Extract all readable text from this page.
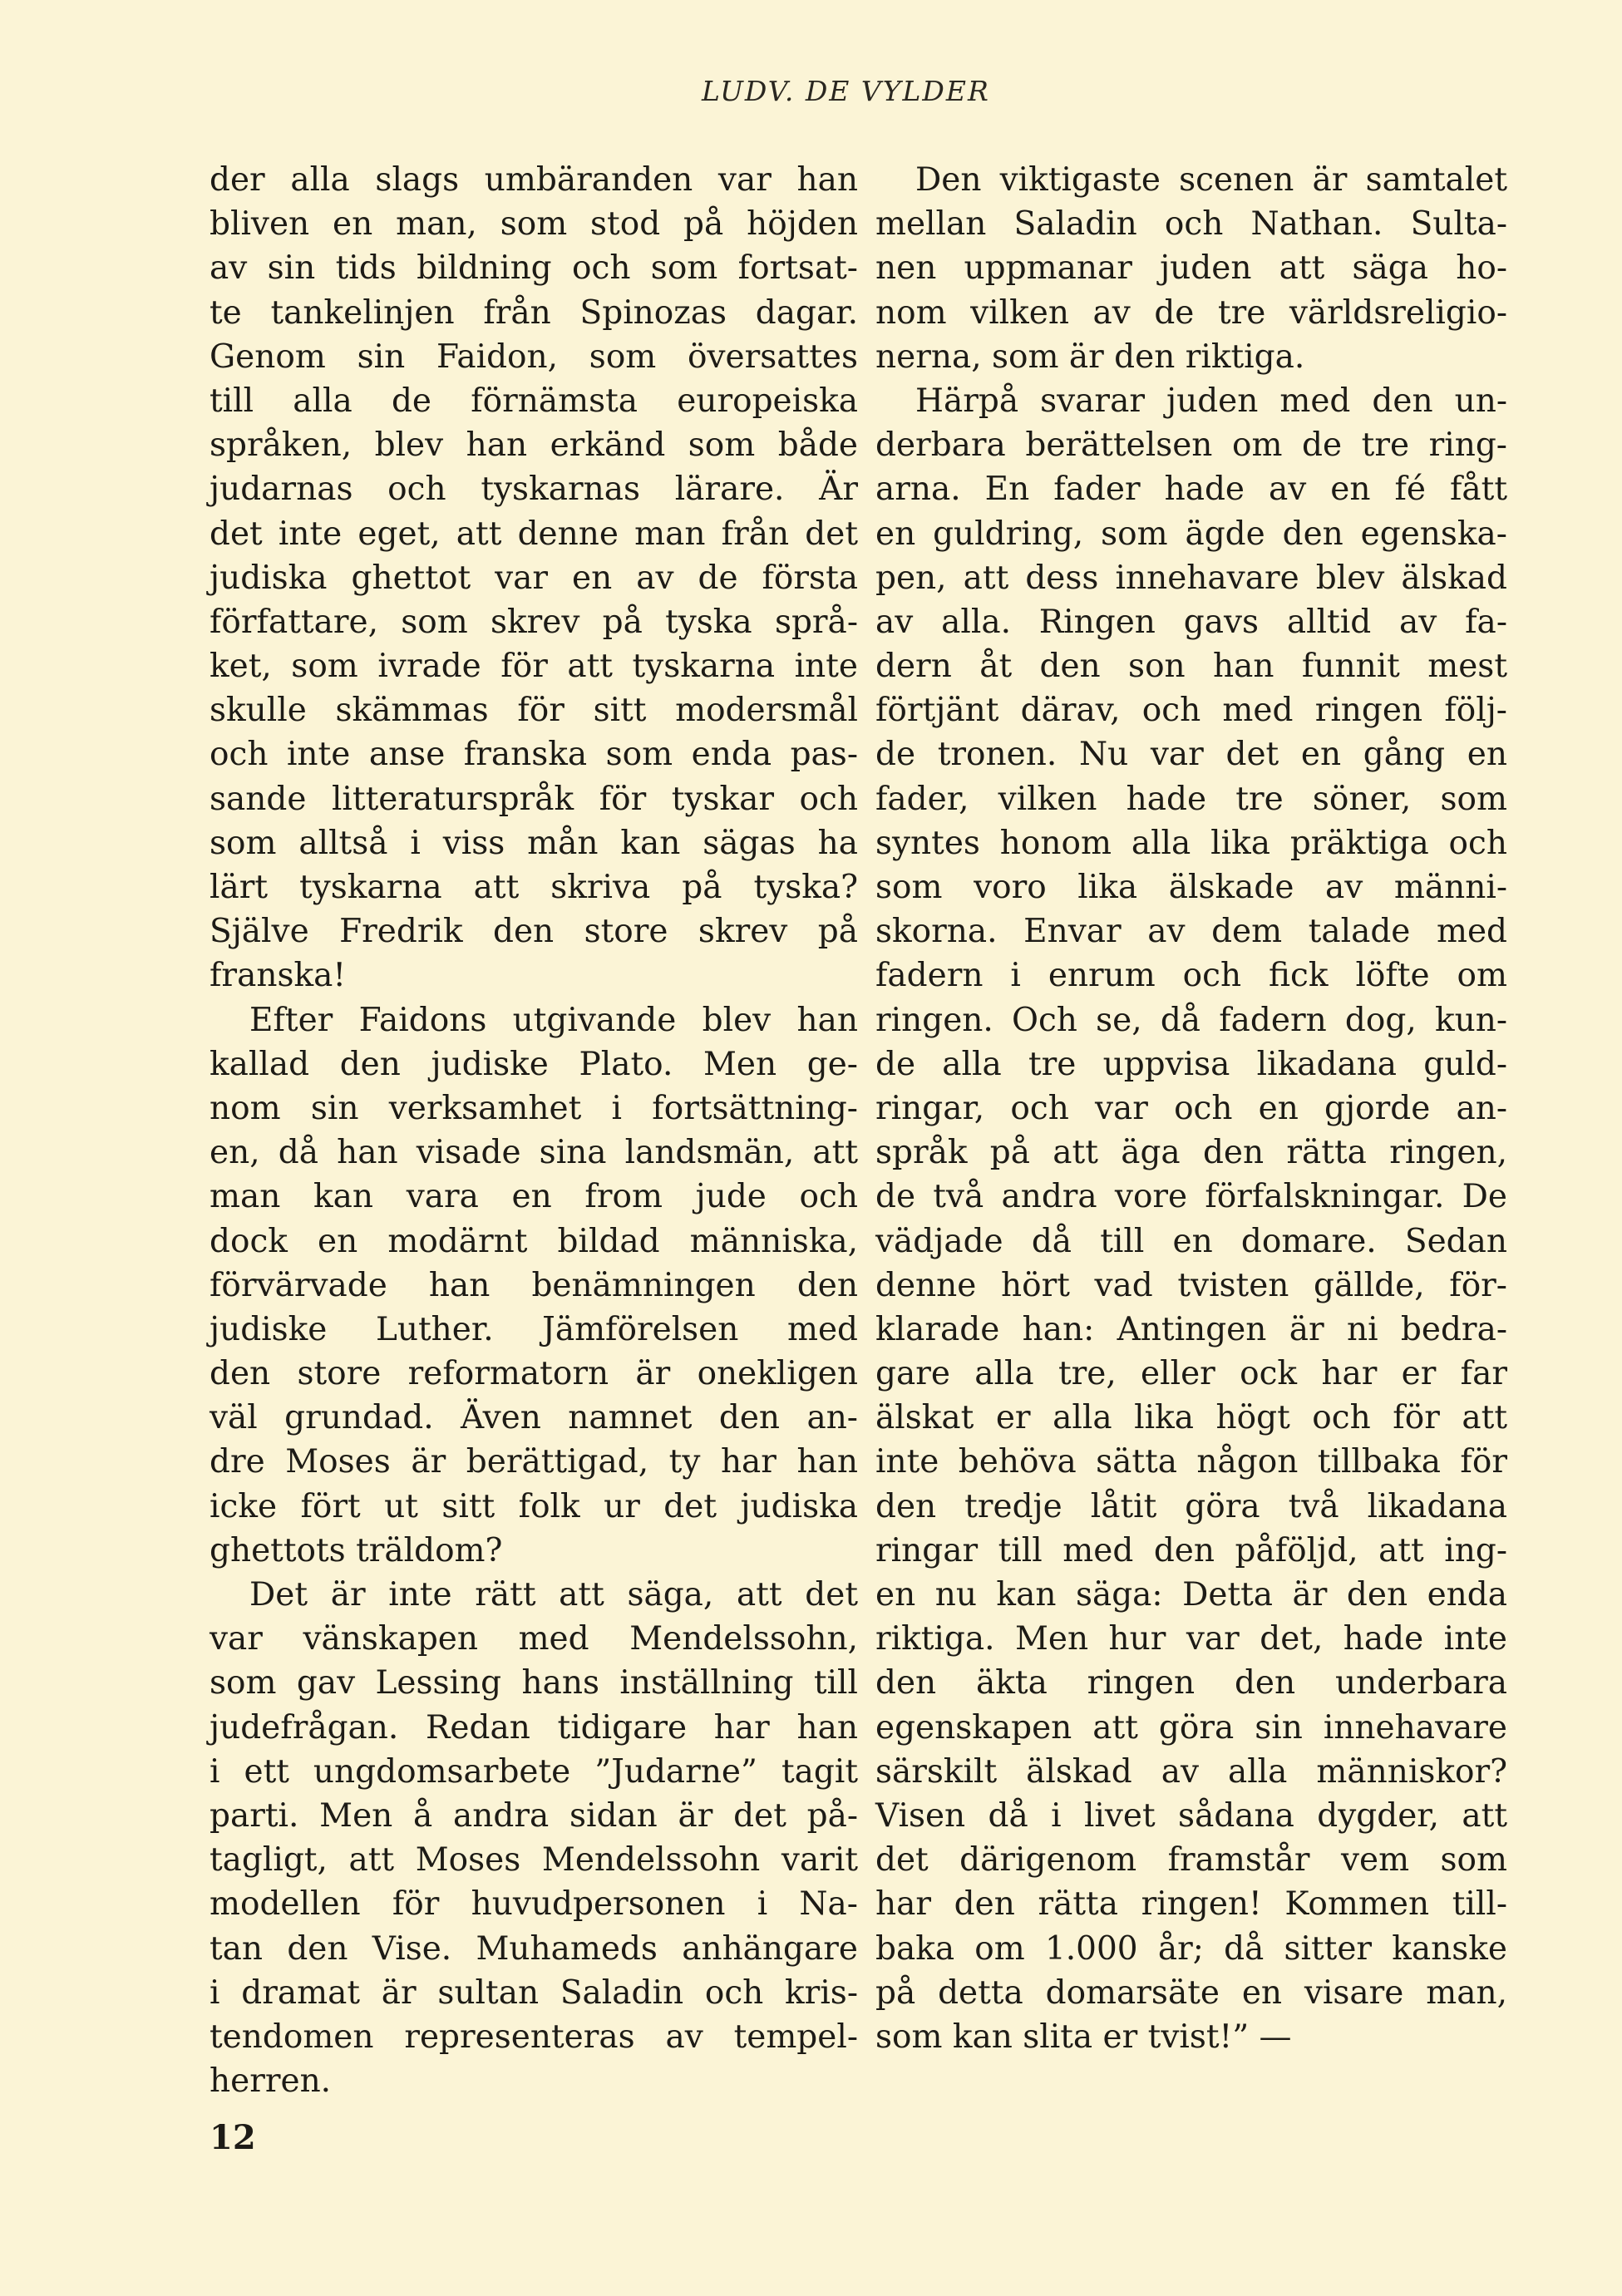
LUDV. DE VYLDER
der alla slags umbäranden var han
bliven en man, som stod på höjden
av sin tids bildning och som fortsat-
te tankelinjen från Spinozas dagar.
Genom sin Faidon, som översattes
till alla de förnämsta europeiska
språken, blev han erkänd som både
judarnas och tyskarnas lärare. Är
det inte eget, att denne man från det
judiska ghettot var en av de första
författare, som skrev på tyska språ-
ket, som ivrade för att tyskarna inte
skulle skämmas för sitt modersmål
och inte anse franska som enda pas-
sande litteraturspråk för tyskar och
som alltså i viss mån kan sägas ha
lärt tyskarna att skriva på tyska?
Själve Fredrik den store skrev på
franska!
Efter Faidons utgivande blev han
kallad den judiske Plato. Men ge-
nom sin verksamhet i fortsättning-
en, då han visade sina landsmän, att
man kan vara en from jude och
dock en modärnt bildad människa,
förvärvade han benämningen den
judiske Luther. Jämförelsen med
den store reformatorn är onekligen
väl grundad. Även namnet den an-
dre Moses är berättigad, ty har han
icke fört ut sitt folk ur det judiska
ghettots träldom?
Det är inte rätt att säga, att det
var vänskapen med Mendelssohn,
som gav Lessing hans inställning till
judefrågan. Redan tidigare har han
i ett ungdomsarbete ”Judarne” tagit
parti. Men å andra sidan är det på-
tagligt, att Moses Mendelssohn varit
modellen för huvudpersonen i Na-
tan den Vise. Muhameds anhängare
i dramat är sultan Saladin och kris-
tendomen representeras av tempel-
herren.
Den viktigaste scenen är samtalet
mellan Saladin och Nathan. Sulta-
nen uppmanar juden att säga ho-
nom vilken av de tre världsreligio-
nerna, som är den riktiga.
Härpå svarar juden med den un-
derbara berättelsen om de tre ring-
arna. En fader hade av en fé fått
en guldring, som ägde den egenska-
pen, att dess innehavare blev älskad
av alla. Ringen gavs alltid av fa-
dern åt den son han funnit mest
förtjänt därav, och med ringen följ-
de tronen. Nu var det en gång en
fader, vilken hade tre söner, som
syntes honom alla lika präktiga och
som voro lika älskade av männi-
skorna. Envar av dem talade med
fadern i enrum och fick löfte om
ringen. Och se, då fadern dog, kun-
de alla tre uppvisa likadana guld-
ringar, och var och en gjorde an-
språk på att äga den rätta ringen,
de två andra vore förfalskningar. De
vädjade då till en domare. Sedan
denne hört vad tvisten gällde, för-
klarade han: Antingen är ni bedra-
gare alla tre, eller ock har er far
älskat er alla lika högt och för att
inte behöva sätta någon tillbaka för
den tredje låtit göra två likadana
ringar till med den påföljd, att ing-
en nu kan säga: Detta är den enda
riktiga. Men hur var det, hade inte
den äkta ringen den underbara
egenskapen att göra sin innehavare
särskilt älskad av alla människor?
Visen då i livet sådana dygder, att
det därigenom framstår vem som
har den rätta ringen! Kommen till-
baka om 1.000 år; då sitter kanske
på detta domarsäte en visare man,
som kan slita er tvist!” —
12
